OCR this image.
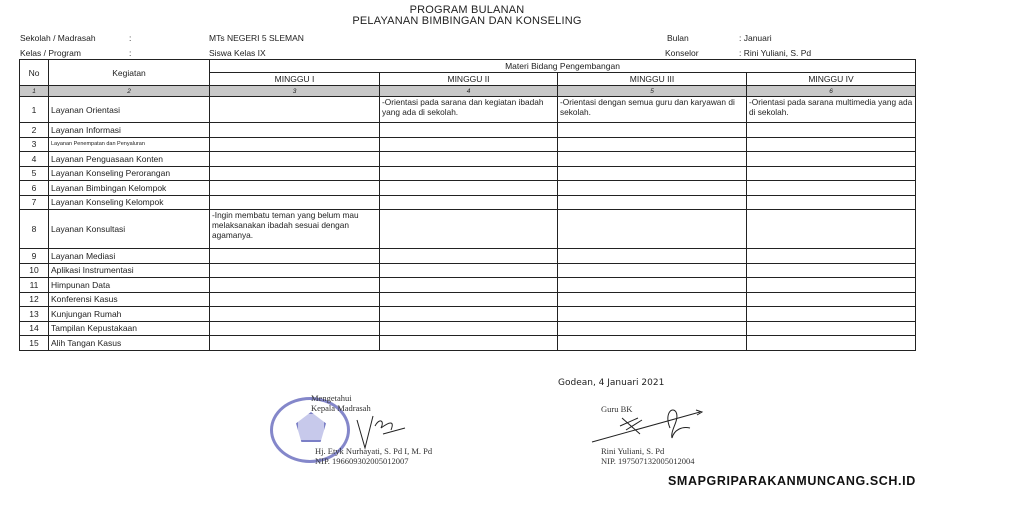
PROGRAM BULANAN
PELAYANAN BIMBINGAN DAN KONSELING
Sekolah / Madrasah	:	MTs NEGERI 5 SLEMAN
Kelas / Program	:	Siswa Kelas IX
Bulan	: Januari
Konselor	: Rini Yuliani, S. Pd
No	Kegiatan	Materi Bidang Pengembangan			
		MINGGU I	MINGGU II	MINGGU III	MINGGU IV
1	2	3	4	5	6
1	Layanan Orientasi		-Orientasi pada sarana dan kegiatan ibadah yang ada di sekolah.	-Orientasi dengan semua guru dan karyawan di sekolah.	-Orientasi pada sarana multimedia yang ada di sekolah.
2	Layanan Informasi				
3	Layanan Penempatan dan Penyaluran				
4	Layanan Penguasaan Konten				
5	Layanan Konseling Perorangan				
6	Layanan Bimbingan Kelompok				
7	Layanan Konseling Kelompok				
8	Layanan Konsultasi	-Ingin membatu teman yang belum mau melaksanakan ibadah sesuai dengan agamanya.			
9	Layanan Mediasi				
10	Aplikasi Instrumentasi				
11	Himpunan Data				
12	Konferensi Kasus				
13	Kunjungan Rumah				
14	Tampilan Kepustakaan				
15	Alih Tangan Kasus				
Godean, 4 Januari 2021
Mengetahui
Kepala Madrasah
Hj. Etyk Nurhayati, S. Pd I, M. Pd
NIP. 196609302005012007
Guru BK
Rini Yuliani, S. Pd
NIP. 197507132005012004
SMAPGRIPARAKANMUNCANG.SCH.ID
